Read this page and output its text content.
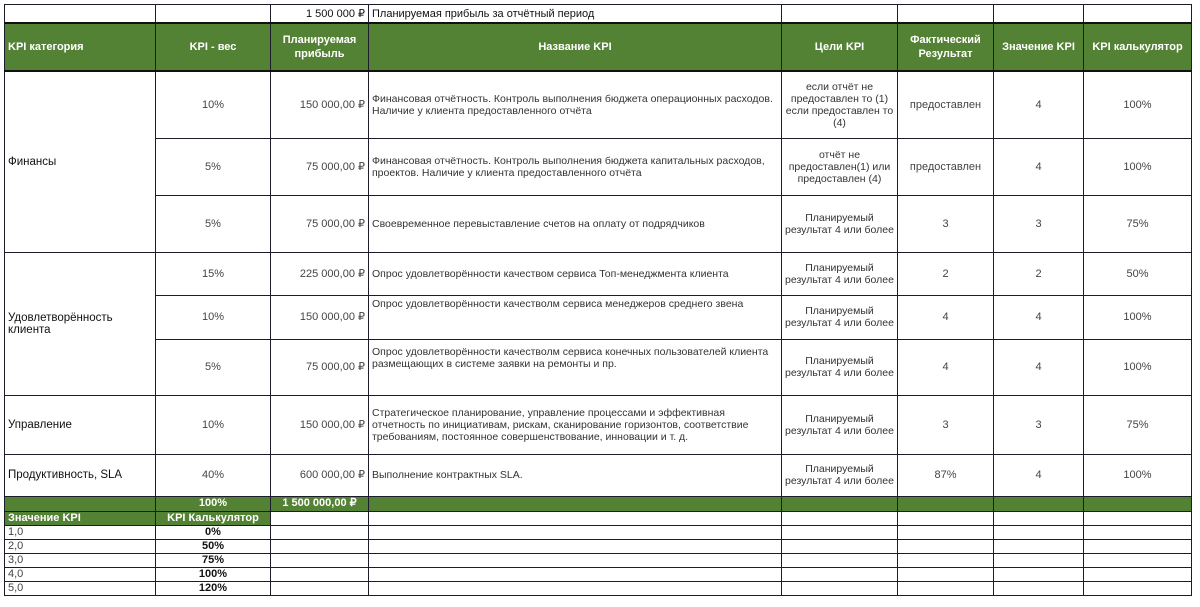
		1 500 000 ₽	Планируемая прибыль за отчётный период				
KPI категория	KPI - вес	Планируемая прибыль	Название KPI	Цели KPI	Фактический Результат	Значение KPI	KPI калькулятор
Финансы	10%	150 000,00 ₽	Финансовая отчётность. Контроль выполнения бюджета операционных расходов. Наличие у клиента предоставленного отчёта	если отчёт не предоставлен то (1) если предоставлен то (4)	предоставлен	4	100%
	5%	75 000,00 ₽	Финансовая отчётность. Контроль выполнения бюджета капитальных расходов, проектов. Наличие у клиента предоставленного отчёта	отчёт не предоставлен(1) или предоставлен (4)	предоставлен	4	100%
	5%	75 000,00 ₽	Своевременное перевыставление счетов на оплату от подрядчиков	Планируемый результат 4 или более	3	3	75%
Удовлетворённость клиента	15%	225 000,00 ₽	Опрос удовлетворённости качеством сервиса Топ-менеджмента клиента	Планируемый результат 4 или более	2	2	50%
	10%	150 000,00 ₽	Опрос удовлетворённости качестволм сервиса менеджеров среднего звена	Планируемый результат 4 или более	4	4	100%
	5%	75 000,00 ₽	Опрос удовлетворённости качестволм сервиса конечных пользователей клиента размещающих в системе заявки на ремонты и пр.	Планируемый результат 4 или более	4	4	100%
Управление	10%	150 000,00 ₽	Стратегическое планирование, управление процессами и эффективная отчетность по инициативам, рискам, сканирование горизонтов, соответствие требованиям, постоянное совершенствование, инновации и т. д.	Планируемый результат 4 или более	3	3	75%
Продуктивность, SLA	40%	600 000,00 ₽	Выполнение контрактных SLA.	Планируемый результат 4 или более	87%	4	100%
	100%	1 500 000,00 ₽					
Значение KPI	KPI Калькулятор						
1,0	0%						
2,0	50%						
3,0	75%						
4,0	100%						
5,0	120%						
